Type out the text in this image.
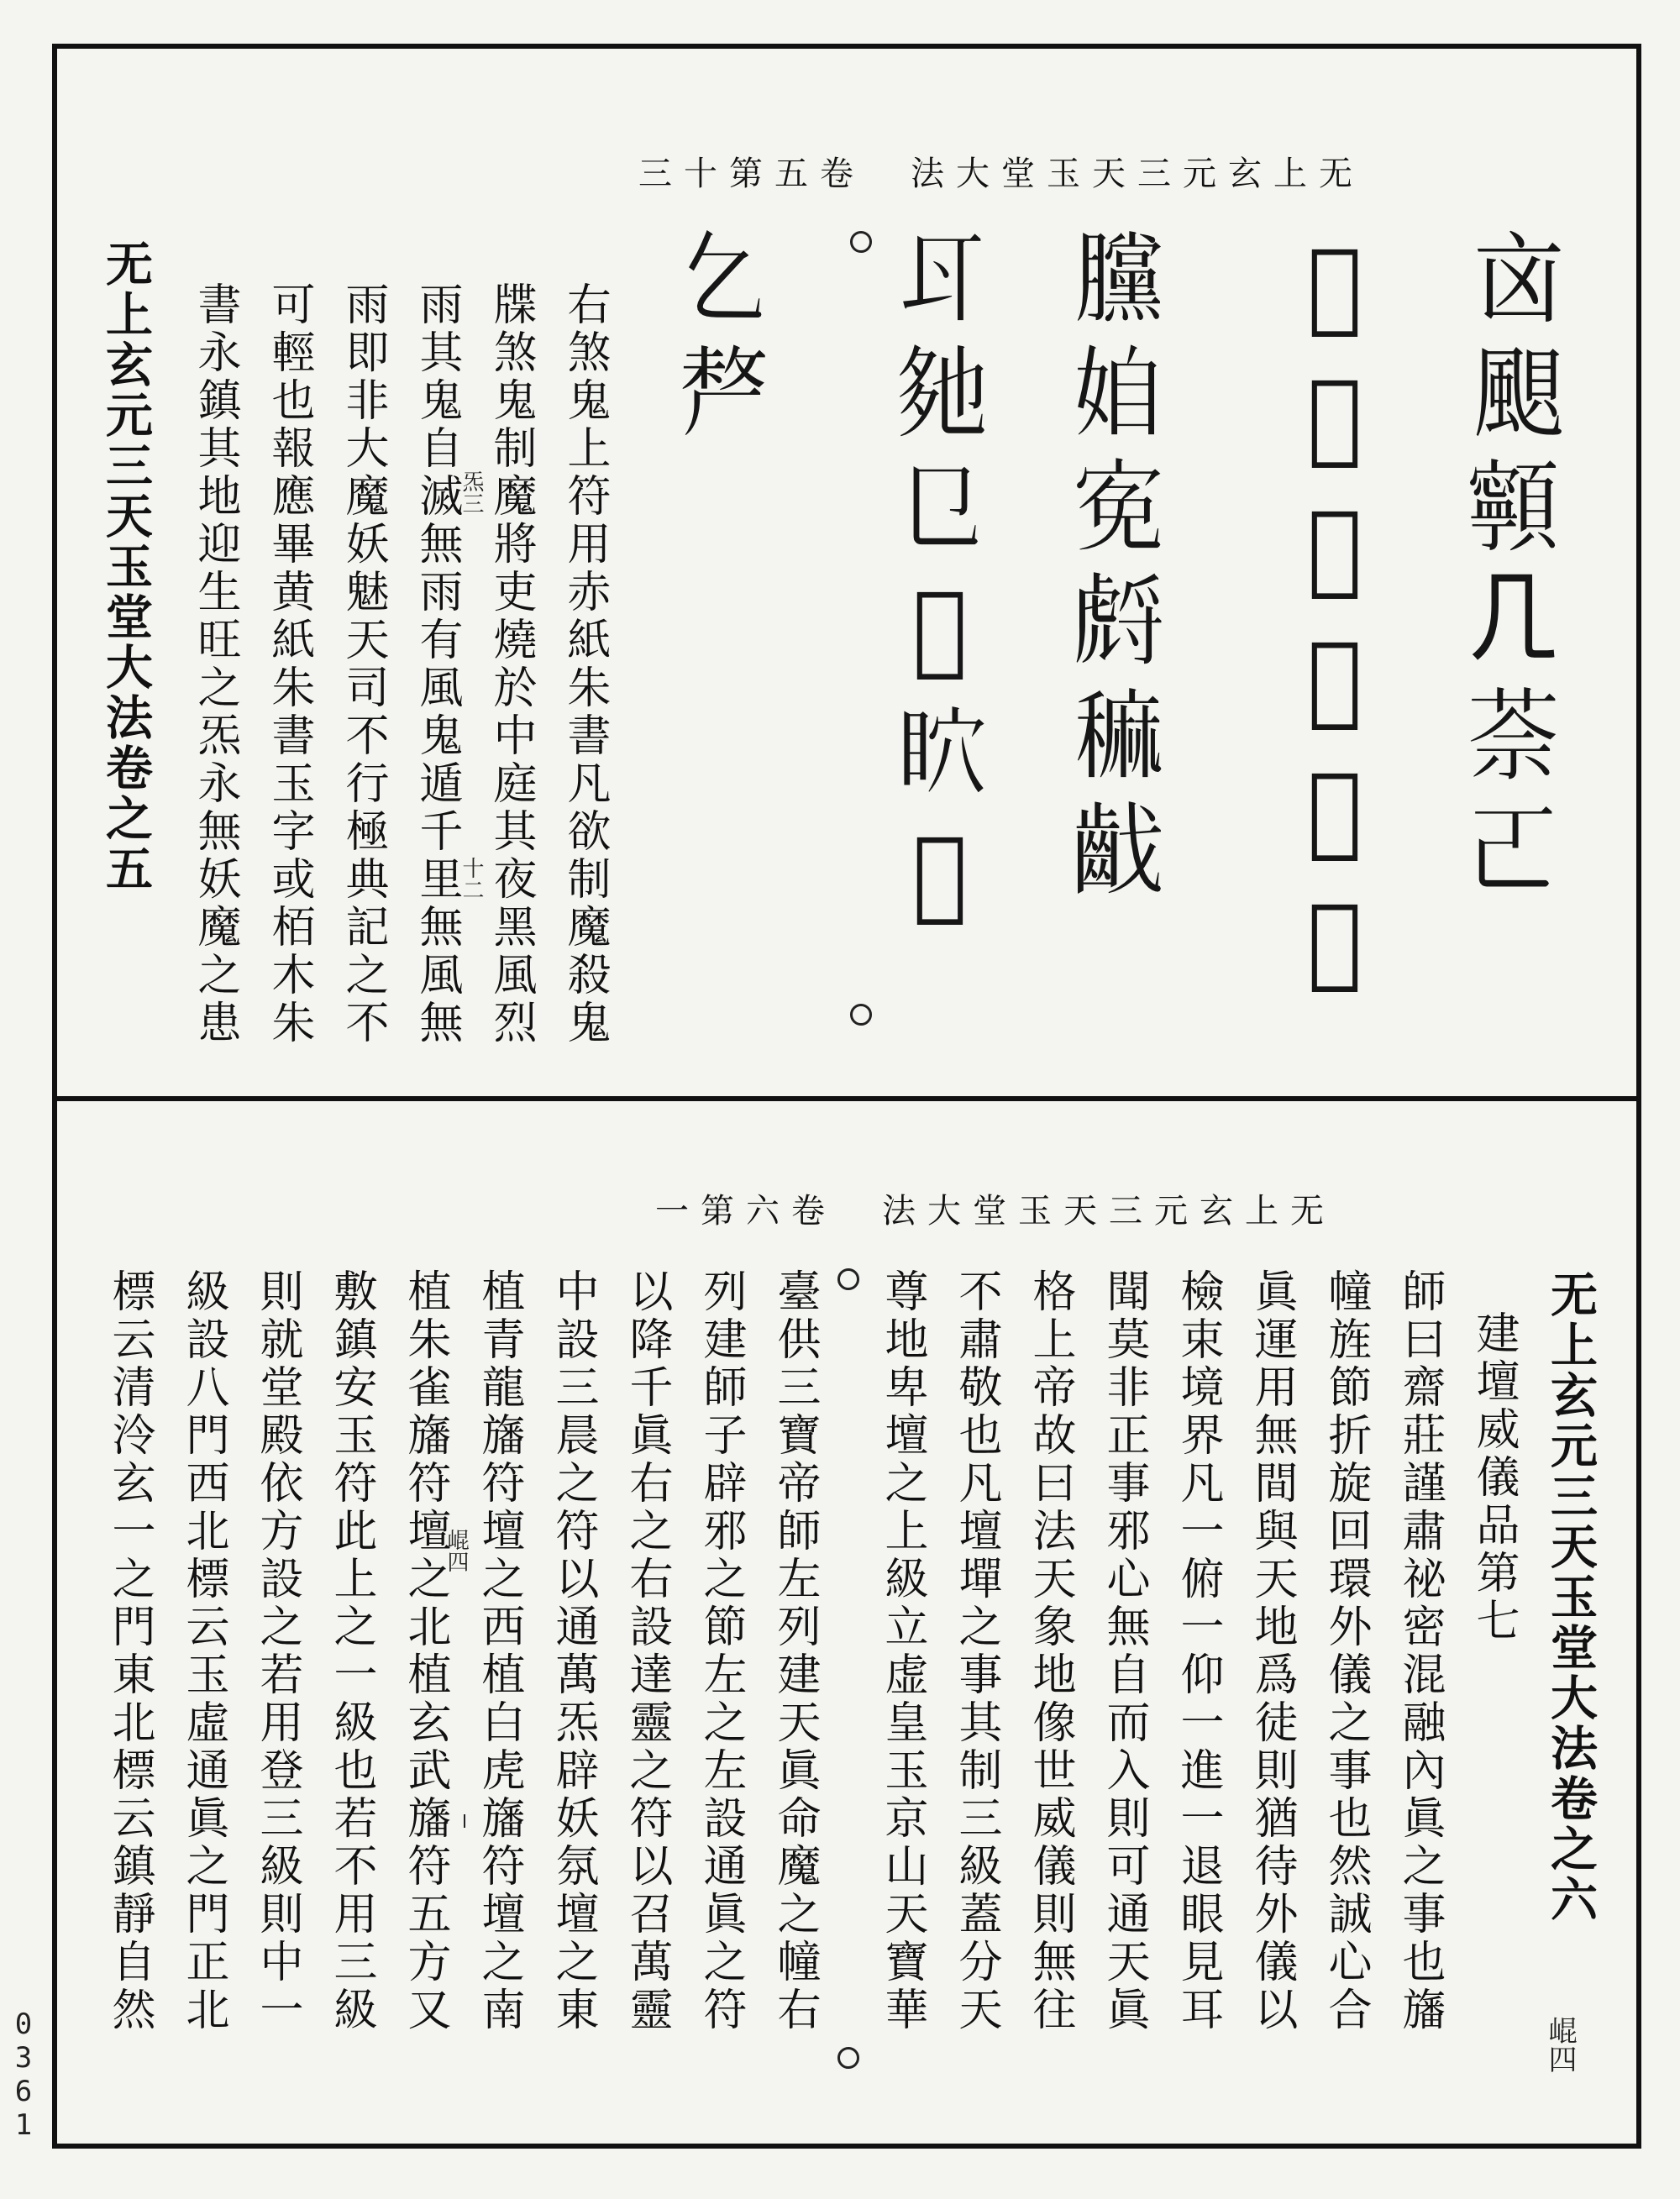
0361
无上玄元三天玉堂大法　卷五第十三
㐫𩗗𩕳𠘧𦯬𠀀
𪠰𢩧𠀧𪪛𧍅𣩋
𣎲𡜍𡨚𧇛𥢂𪗠
𠁾𡖐㔾𦮩𥄴𠁄
𠃉𠩺
右煞鬼上符用赤紙朱書凡欲制魔殺鬼
牒煞鬼制魔將吏燒於中庭其夜黑風烈
雨其鬼自滅無雨有風鬼遁千里無風無
雨即非大魔妖魅天司不行極典記之不
可輕也報應畢黄紙朱書玉字或栢木朱
書永鎮其地迎生旺之炁永無妖魔之患	十二
炁三
无上玄元三天玉堂大法卷之五
无上玄元三天玉堂大法　卷六第一
无上玄元三天玉堂大法卷之六
崐四
建壇威儀品第七
師曰齋莊謹肅祕密混融內眞之事也旛
幢旌節折旋回環外儀之事也然誠心合
眞運用無間與天地爲徒則猶待外儀以
檢束境界凡一俯一仰一進一退眼見耳
聞莫非正事邪心無自而入則可通天眞
格上帝故曰法天象地像世威儀則無往
不肅敬也凡壇墠之事其制三級蓋分天
尊地卑壇之上級立虚皇玉京山天寶華
臺供三寶帝師左列建天眞命魔之幢右
列建師子辟邪之節左之左設通眞之符
以降千眞右之右設達靈之符以召萬靈
中設三晨之符以通萬炁辟妖氛壇之東
植青龍旛符壇之西植白虎旛符壇之南
植朱雀旛符壇之北植玄武旛符五方又
敷鎮安玉符此上之一級也若不用三級
則就堂殿依方設之若用登三級則中一
級設八門西北標云玉虛通眞之門正北
標云清泠玄一之門東北標云鎮靜自然	崐四
